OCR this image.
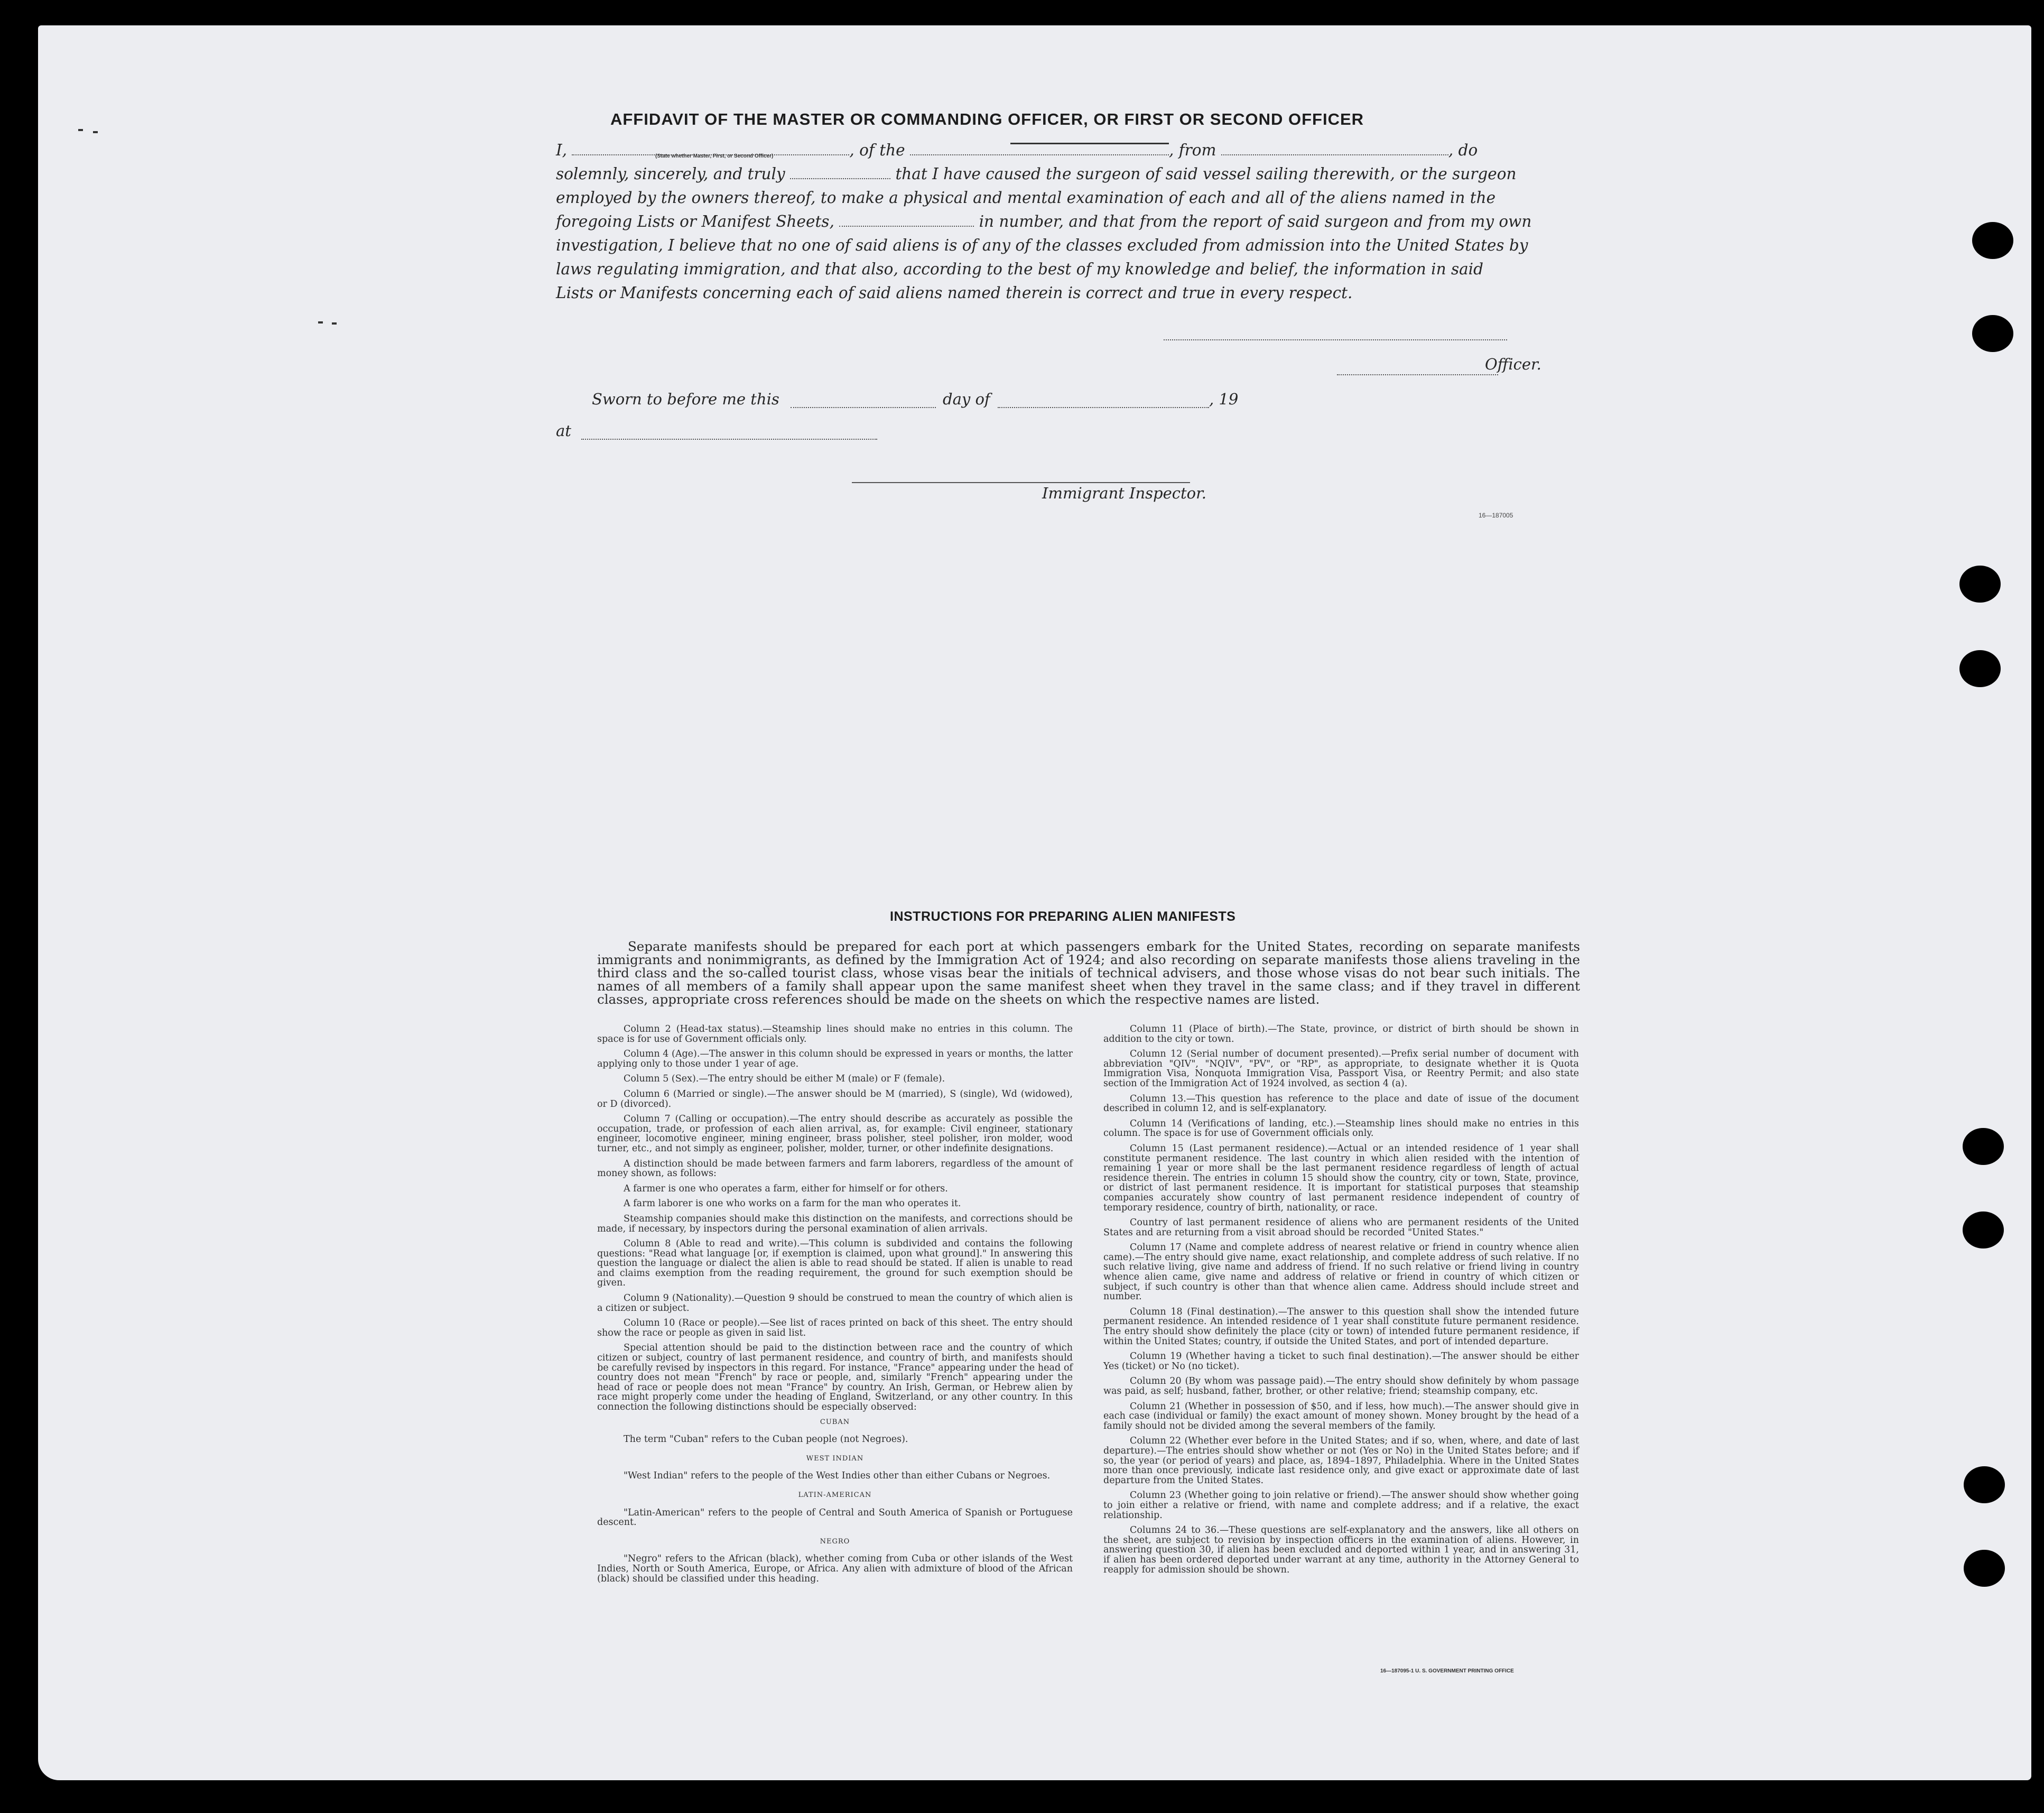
AFFIDAVIT OF THE MASTER OR COMMANDING OFFICER, OR FIRST OR SECOND OFFICER
I,	, of the	, from	, do
solemnly, sincerely, and truly	that I have caused the surgeon of said vessel sailing therewith, or the surgeon
employed by the owners thereof, to make a physical and mental examination of each and all of the aliens named in the
foregoing Lists or Manifest Sheets,	in number, and that from the report of said surgeon and from my own
investigation, I believe that no one of said aliens is of any of the classes excluded from admission into the United States by
laws regulating immigration, and that also, according to the best of my knowledge and belief, the information in said
Lists or Manifests concerning each of said aliens named therein is correct and true in every respect.
(State whether Master, First, or Second Officer)
Officer.
Sworn to before me this	day of	, 19
at
Immigrant Inspector.
16—187005
INSTRUCTIONS FOR PREPARING ALIEN MANIFESTS
Separate manifests should be prepared for each port at which passengers embark for the United States, recording on separate manifests immigrants and nonimmigrants, as defined by the Immigration Act of 1924; and also recording on separate manifests those aliens traveling in the third class and the so-called tourist class, whose visas bear the initials of technical advisers, and those whose visas do not bear such initials. The names of all members of a family shall appear upon the same manifest sheet when they travel in the same class; and if they travel in different classes, appropriate cross references should be made on the sheets on which the respective names are listed.

Column 2 (Head-tax status).—Steamship lines should make no entries in this column. The space is for use of Government officials only.

Column 4 (Age).—The answer in this column should be expressed in years or months, the latter applying only to those under 1 year of age.

Column 5 (Sex).—The entry should be either M (male) or F (female).

Column 6 (Married or single).—The answer should be M (married), S (single), Wd (widowed), or D (divorced).

Column 7 (Calling or occupation).—The entry should describe as accurately as possible the occupation, trade, or profession of each alien arrival, as, for example: Civil engineer, stationary engineer, locomotive engineer, mining engineer, brass polisher, steel polisher, iron molder, wood turner, etc., and not simply as engineer, polisher, molder, turner, or other indefinite designations.

A distinction should be made between farmers and farm laborers, regardless of the amount of money shown, as follows:

A farmer is one who operates a farm, either for himself or for others.

A farm laborer is one who works on a farm for the man who operates it.

Steamship companies should make this distinction on the manifests, and corrections should be made, if necessary, by inspectors during the personal examination of alien arrivals.

Column 8 (Able to read and write).—This column is subdivided and contains the following questions: "Read what language [or, if exemption is claimed, upon what ground]." In answering this question the language or dialect the alien is able to read should be stated. If alien is unable to read and claims exemption from the reading requirement, the ground for such exemption should be given.

Column 9 (Nationality).—Question 9 should be construed to mean the country of which alien is a citizen or subject.

Column 10 (Race or people).—See list of races printed on back of this sheet. The entry should show the race or people as given in said list.

Special attention should be paid to the distinction between race and the country of which citizen or subject, country of last permanent residence, and country of birth, and manifests should be carefully revised by inspectors in this regard. For instance, "France" appearing under the head of country does not mean "French" by race or people, and, similarly "French" appearing under the head of race or people does not mean "France" by country. An Irish, German, or Hebrew alien by race might properly come under the heading of England, Switzerland, or any other country. In this connection the following distinctions should be especially observed:

CUBAN

The term "Cuban" refers to the Cuban people (not Negroes).

WEST INDIAN

"West Indian" refers to the people of the West Indies other than either Cubans or Negroes.

LATIN-AMERICAN

"Latin-American" refers to the people of Central and South America of Spanish or Portuguese descent.

NEGRO

"Negro" refers to the African (black), whether coming from Cuba or other islands of the West Indies, North or South America, Europe, or Africa. Any alien with admixture of blood of the African (black) should be classified under this heading.

Column 11 (Place of birth).—The State, province, or district of birth should be shown in addition to the city or town.

Column 12 (Serial number of document presented).—Prefix serial number of document with abbreviation "QIV", "NQIV", "PV", or "RP", as appropriate, to designate whether it is Quota Immigration Visa, Nonquota Immigration Visa, Passport Visa, or Reentry Permit; and also state section of the Immigration Act of 1924 involved, as section 4 (a).

Column 13.—This question has reference to the place and date of issue of the document described in column 12, and is self-explanatory.

Column 14 (Verifications of landing, etc.).—Steamship lines should make no entries in this column. The space is for use of Government officials only.

Column 15 (Last permanent residence).—Actual or an intended residence of 1 year shall constitute permanent residence. The last country in which alien resided with the intention of remaining 1 year or more shall be the last permanent residence regardless of length of actual residence therein. The entries in column 15 should show the country, city or town, State, province, or district of last permanent residence. It is important for statistical purposes that steamship companies accurately show country of last permanent residence independent of country of temporary residence, country of birth, nationality, or race.

Country of last permanent residence of aliens who are permanent residents of the United States and are returning from a visit abroad should be recorded "United States."

Column 17 (Name and complete address of nearest relative or friend in country whence alien came).—The entry should give name, exact relationship, and complete address of such relative. If no such relative living, give name and address of friend. If no such relative or friend living in country whence alien came, give name and address of relative or friend in country of which citizen or subject, if such country is other than that whence alien came. Address should include street and number.

Column 18 (Final destination).—The answer to this question shall show the intended future permanent residence. An intended residence of 1 year shall constitute future permanent residence. The entry should show definitely the place (city or town) of intended future permanent residence, if within the United States; country, if outside the United States, and port of intended departure.

Column 19 (Whether having a ticket to such final destination).—The answer should be either Yes (ticket) or No (no ticket).

Column 20 (By whom was passage paid).—The entry should show definitely by whom passage was paid, as self; husband, father, brother, or other relative; friend; steamship company, etc.

Column 21 (Whether in possession of $50, and if less, how much).—The answer should give in each case (individual or family) the exact amount of money shown. Money brought by the head of a family should not be divided among the several members of the family.

Column 22 (Whether ever before in the United States; and if so, when, where, and date of last departure).—The entries should show whether or not (Yes or No) in the United States before; and if so, the year (or period of years) and place, as, 1894–1897, Philadelphia. Where in the United States more than once previously, indicate last residence only, and give exact or approximate date of last departure from the United States.

Column 23 (Whether going to join relative or friend).—The answer should show whether going to join either a relative or friend, with name and complete address; and if a relative, the exact relationship.

Columns 24 to 36.—These questions are self-explanatory and the answers, like all others on the sheet, are subject to revision by inspection officers in the examination of aliens. However, in answering question 30, if alien has been excluded and deported within 1 year, and in answering 31, if alien has been ordered deported under warrant at any time, authority in the Attorney General to reapply for admission should be shown.

16—187095-1 U. S. GOVERNMENT PRINTING OFFICE
